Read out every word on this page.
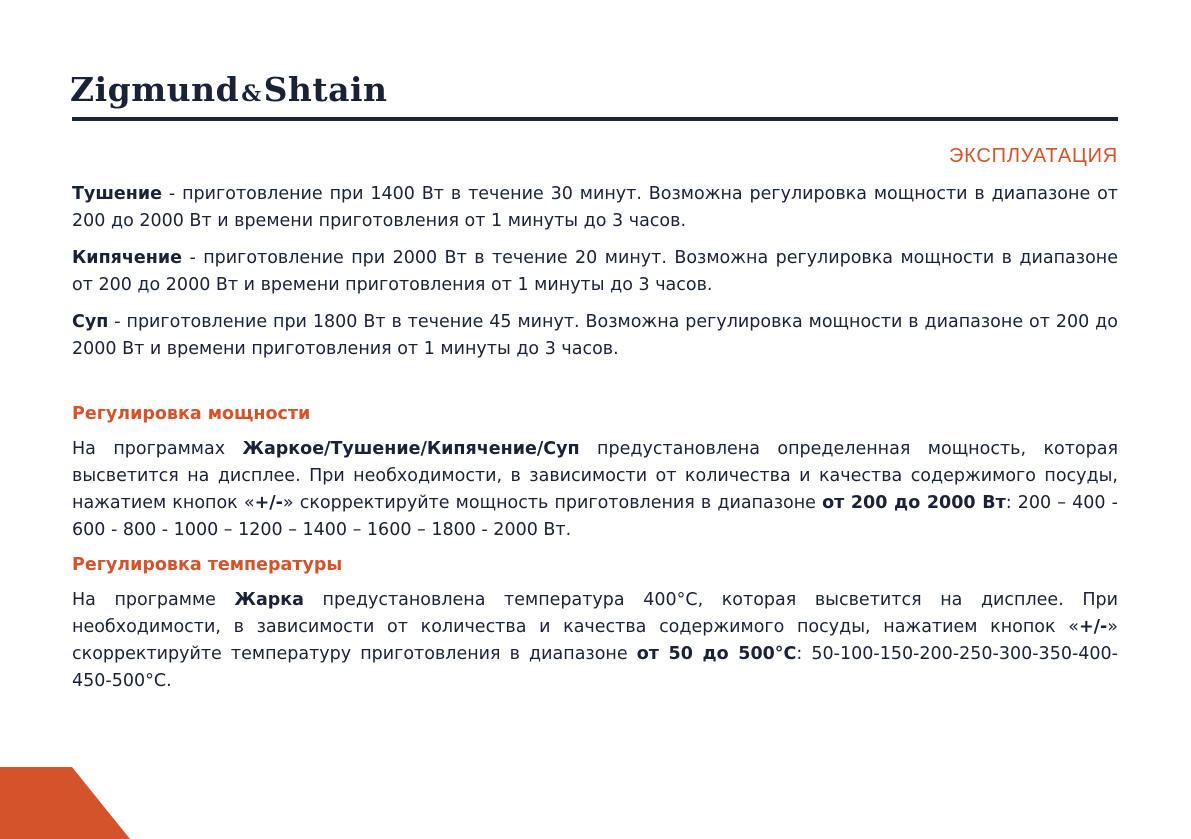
Zigmund&Shtain
ЭКСПЛУАТАЦИЯ

Тушение - приготовление при 1400 Вт в течение 30 минут. Возможна регулировка мощности в диапазоне от 200 до 2000 Вт и времени приготовления от 1 минуты до 3 часов.

Кипячение - приготовление при 2000 Вт в течение 20 минут. Возможна регулировка мощности в диапазоне от 200 до 2000 Вт и времени приготовления от 1 минуты до 3 часов.

Суп - приготовление при 1800 Вт в течение 45 минут. Возможна регулировка мощности в диапазоне от 200 до 2000 Вт и времени приготовления от 1 минуты до 3 часов.

Регулировка мощности

На программах Жаркое/Тушение/Кипячение/Суп предустановлена определенная мощность, которая высветится на дисплее. При необходимости, в зависимости от количества и качества содержимого посуды, нажатием кнопок «+/-» скорректируйте мощность приготовления в диапазоне от 200 до 2000 Вт: 200 – 400 - 600 - 800 - 1000 – 1200 – 1400 – 1600 – 1800 - 2000 Вт.

Регулировка температуры

На программе Жарка предустановлена температура 400°С, которая высветится на дисплее. При необходимости, в зависимости от количества и качества содержимого посуды, нажатием кнопок «+/-» скорректируйте температуру приготовления в диапазоне от 50 до 500°С: 50-100-150-200-250-300-350-400-450-500°С.
